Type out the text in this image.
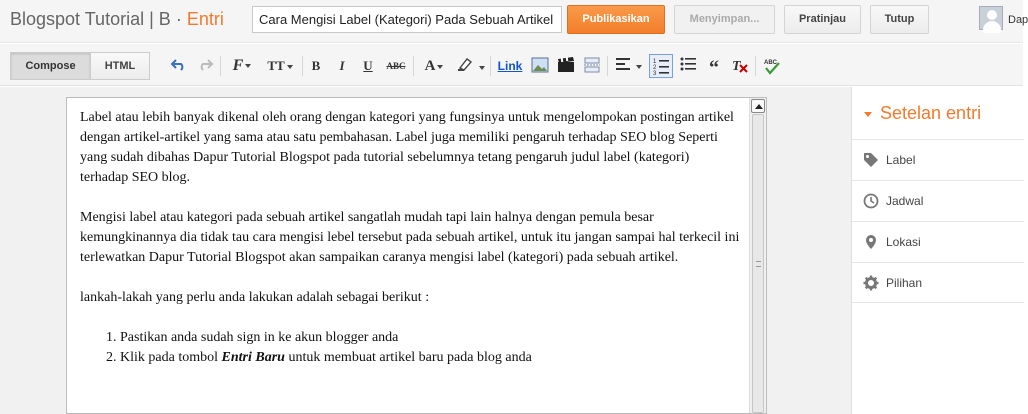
Blogspot Tutorial | B · Entri	Cara Mengisi Label (Kategori) Pada Sebuah Artikel	Publikasikan	Menyimpan...	Pratinjau	Tutup	Dap
Compose	HTML	F	TT	B	I	U	ABC	A
	Link
	1
2
3	“ T	ABC

Label atau lebih banyak dikenal oleh orang dengan kategori yang fungsinya untuk mengelompokan postingan artikel dengan artikel-artikel yang sama atau satu pembahasan. Label juga memiliki pengaruh terhadap SEO blog Seperti yang sudah dibahas Dapur Tutorial Blogspot pada tutorial sebelumnya tetang pengaruh judul label (kategori) terhadap SEO blog.

Mengisi label atau kategori pada sebuah artikel sangatlah mudah tapi lain halnya dengan pemula besar kemungkinannya dia tidak tau cara mengisi lebel tersebut pada sebuah artikel, untuk itu jangan sampai hal terkecil ini terlewatkan Dapur Tutorial Blogspot akan sampaikan caranya mengisi label (kategori) pada sebuah artikel.

lankah-lakah yang perlu anda lakukan adalah sebagai berikut :

1. Pastikan anda sudah sign in ke akun blogger anda
2. Klik pada tombol Entri Baru untuk membuat artikel baru pada blog anda
Setelan entri
Label
Jadwal
Lokasi
Pilihan
